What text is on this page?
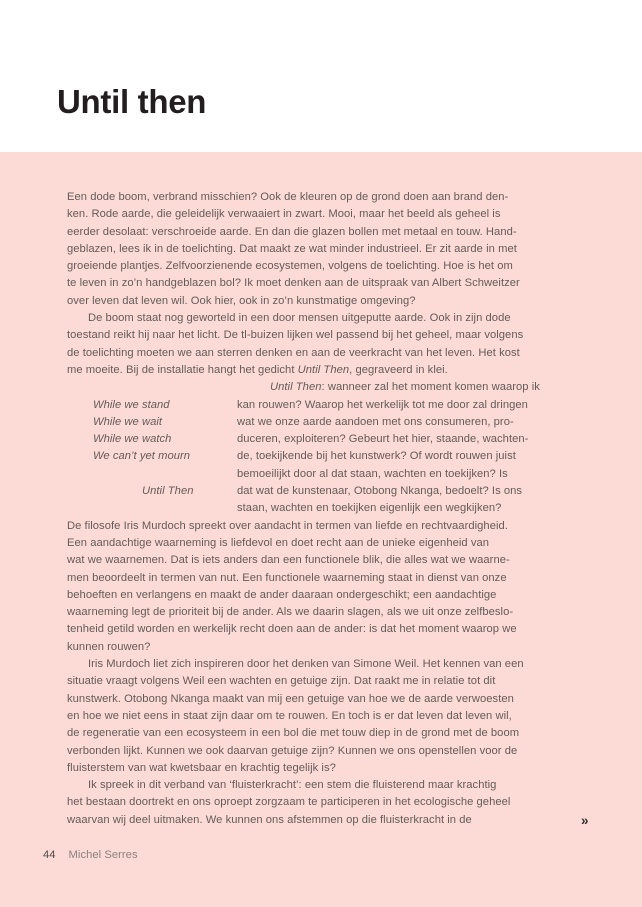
Until then
Een dode boom, verbrand misschien? Ook de kleuren op de grond doen aan brand den-
ken. Rode aarde, die geleidelijk verwaaiert in zwart. Mooi, maar het beeld als geheel is
eerder desolaat: verschroeide aarde. En dan die glazen bollen met metaal en touw. Hand-
geblazen, lees ik in de toelichting. Dat maakt ze wat minder industrieel. Er zit aarde in met
groeiende plantjes. Zelfvoorzienende ecosystemen, volgens de toelichting. Hoe is het om
te leven in zo’n handgeblazen bol? Ik moet denken aan de uitspraak van Albert Schweitzer
over leven dat leven wil. Ook hier, ook in zo’n kunstmatige omgeving?
De boom staat nog geworteld in een door mensen uitgeputte aarde. Ook in zijn dode
toestand reikt hij naar het licht. De tl-buizen lijken wel passend bij het geheel, maar volgens
de toelichting moeten we aan sterren denken en aan de veerkracht van het leven. Het kost
me moeite. Bij de installatie hangt het gedicht Until Then, gegraveerd in klei.
Until Then: wanneer zal het moment komen waarop ik
While we stand	kan rouwen? Waarop het werkelijk tot me door zal dringen
While we wait	wat we onze aarde aandoen met ons consumeren, pro-
While we watch	duceren, exploiteren? Gebeurt het hier, staande, wachten-
We can’t yet mourn	de, toekijkende bij het kunstwerk? Of wordt rouwen juist
bemoeilijkt door al dat staan, wachten en toekijken? Is
Until Then	dat wat de kunstenaar, Otobong Nkanga, bedoelt? Is ons
staan, wachten en toekijken eigenlijk een wegkijken?
De filosofe Iris Murdoch spreekt over aandacht in termen van liefde en rechtvaardigheid.
Een aandachtige waarneming is liefdevol en doet recht aan de unieke eigenheid van
wat we waarnemen. Dat is iets anders dan een functionele blik, die alles wat we waarne-
men beoordeelt in termen van nut. Een functionele waarneming staat in dienst van onze
behoeften en verlangens en maakt de ander daaraan ondergeschikt; een aandachtige
waarneming legt de prioriteit bij de ander. Als we daarin slagen, als we uit onze zelfbeslo-
tenheid getild worden en werkelijk recht doen aan de ander: is dat het moment waarop we
kunnen rouwen?
Iris Murdoch liet zich inspireren door het denken van Simone Weil. Het kennen van een
situatie vraagt volgens Weil een wachten en getuige zijn. Dat raakt me in relatie tot dit
kunstwerk. Otobong Nkanga maakt van mij een getuige van hoe we de aarde verwoesten
en hoe we niet eens in staat zijn daar om te rouwen. En toch is er dat leven dat leven wil,
de regeneratie van een ecosysteem in een bol die met touw diep in de grond met de boom
verbonden lijkt. Kunnen we ook daarvan getuige zijn? Kunnen we ons openstellen voor de
fluisterstem van wat kwetsbaar en krachtig tegelijk is?
Ik spreek in dit verband van ‘fluisterkracht’: een stem die fluisterend maar krachtig
het bestaan doortrekt en ons oproept zorgzaam te participeren in het ecologische geheel
waarvan wij deel uitmaken. We kunnen ons afstemmen op die fluisterkracht in de	»
44 Michel Serres
